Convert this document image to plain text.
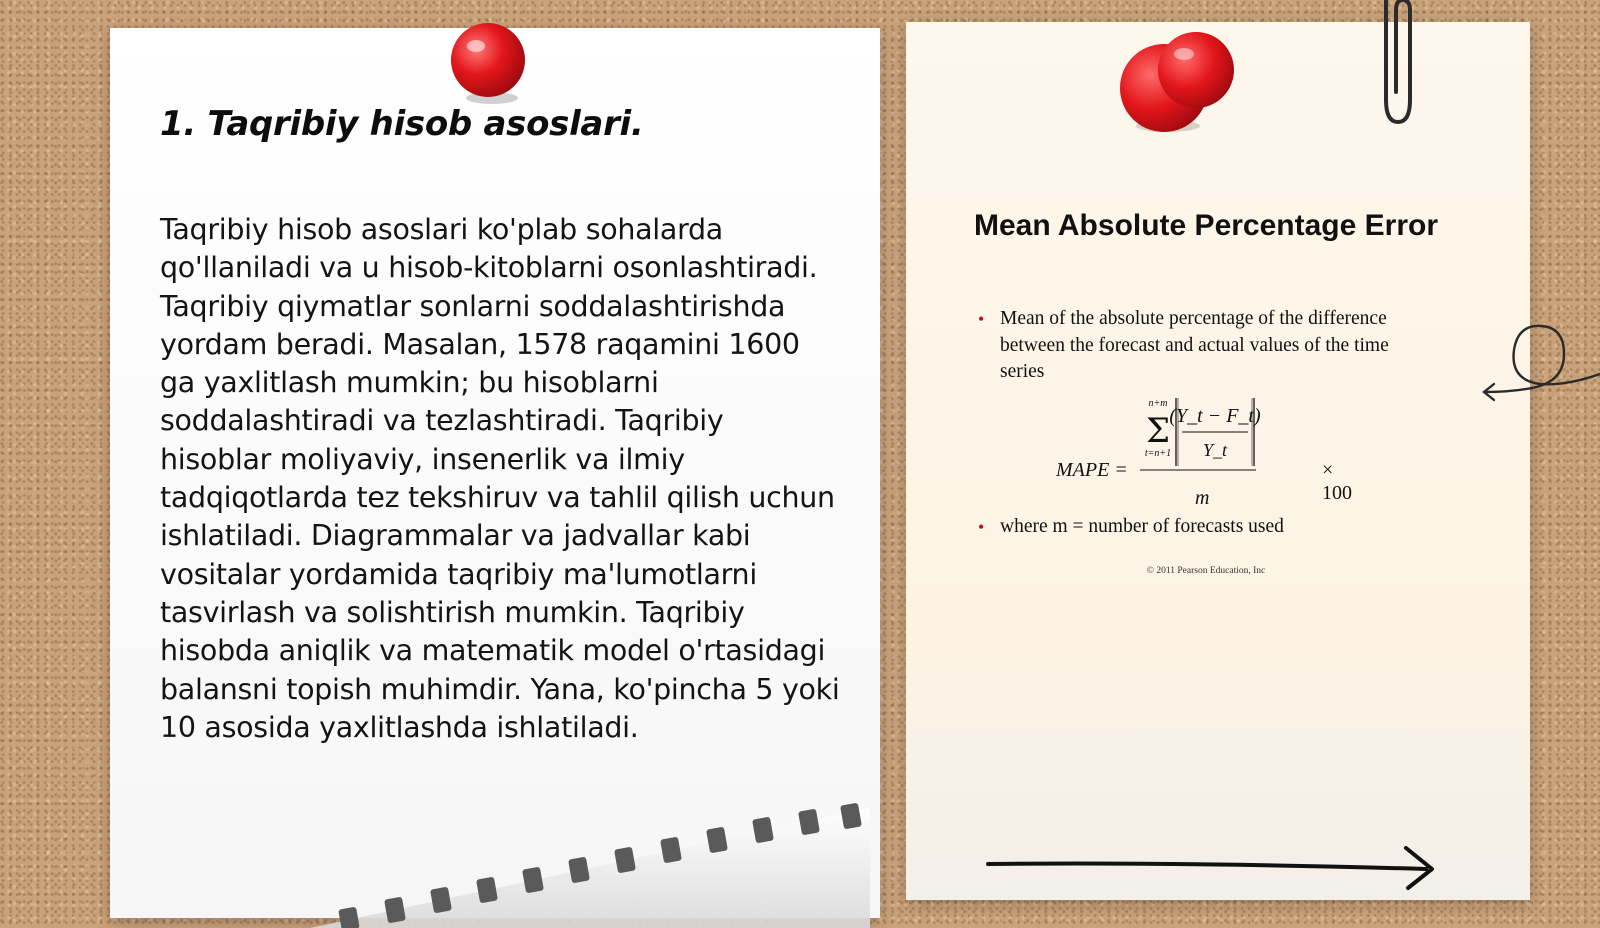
1. Taqribiy hisob asoslari.

Taqribiy hisob asoslari ko'plab sohalarda qo'llaniladi va u hisob-kitoblarni osonlashtiradi. Taqribiy qiymatlar sonlarni soddalashtirishda yordam beradi. Masalan, 1578 raqamini 1600 ga yaxlitlash mumkin; bu hisoblarni soddalashtiradi va tezlashtiradi. Taqribiy hisoblar moliyaviy, insenerlik va ilmiy tadqiqotlarda tez tekshiruv va tahlil qilish uchun ishlatiladi. Diagrammalar va jadvallar kabi vositalar yordamida taqribiy ma'lumotlarni tasvirlash va solishtirish mumkin. Taqribiy hisobda aniqlik va matematik model o'rtasidagi balansni topish muhimdir. Yana, ko'pincha 5 yoki 10 asosida yaxlitlashda ishlatiladi.

Mean Absolute Percentage Error
• Mean of the absolute percentage of the difference between the forecast and actual values of the time series
MAPE =
n+m
Σ
t=n+1
(Y_t − F_t)
Y_t
m
× 100
• where m = number of forecasts used
© 2011 Pearson Education, Inc
